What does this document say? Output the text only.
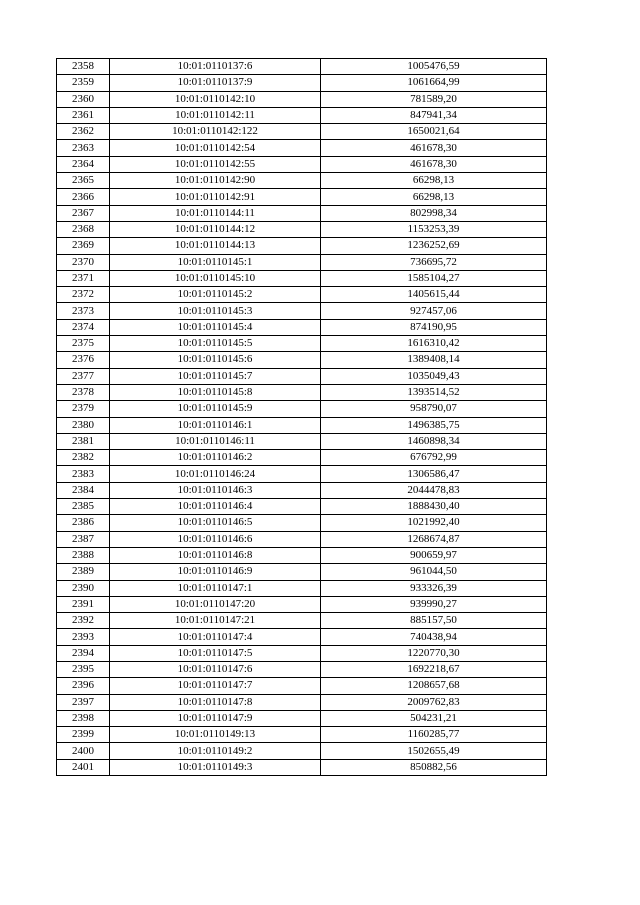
2358	10:01:0110137:6	1005476,59
2359	10:01:0110137:9	1061664,99
2360	10:01:0110142:10	781589,20
2361	10:01:0110142:11	847941,34
2362	10:01:0110142:122	1650021,64
2363	10:01:0110142:54	461678,30
2364	10:01:0110142:55	461678,30
2365	10:01:0110142:90	66298,13
2366	10:01:0110142:91	66298,13
2367	10:01:0110144:11	802998,34
2368	10:01:0110144:12	1153253,39
2369	10:01:0110144:13	1236252,69
2370	10:01:0110145:1	736695,72
2371	10:01:0110145:10	1585104,27
2372	10:01:0110145:2	1405615,44
2373	10:01:0110145:3	927457,06
2374	10:01:0110145:4	874190,95
2375	10:01:0110145:5	1616310,42
2376	10:01:0110145:6	1389408,14
2377	10:01:0110145:7	1035049,43
2378	10:01:0110145:8	1393514,52
2379	10:01:0110145:9	958790,07
2380	10:01:0110146:1	1496385,75
2381	10:01:0110146:11	1460898,34
2382	10:01:0110146:2	676792,99
2383	10:01:0110146:24	1306586,47
2384	10:01:0110146:3	2044478,83
2385	10:01:0110146:4	1888430,40
2386	10:01:0110146:5	1021992,40
2387	10:01:0110146:6	1268674,87
2388	10:01:0110146:8	900659,97
2389	10:01:0110146:9	961044,50
2390	10:01:0110147:1	933326,39
2391	10:01:0110147:20	939990,27
2392	10:01:0110147:21	885157,50
2393	10:01:0110147:4	740438,94
2394	10:01:0110147:5	1220770,30
2395	10:01:0110147:6	1692218,67
2396	10:01:0110147:7	1208657,68
2397	10:01:0110147:8	2009762,83
2398	10:01:0110147:9	504231,21
2399	10:01:0110149:13	1160285,77
2400	10:01:0110149:2	1502655,49
2401	10:01:0110149:3	850882,56
